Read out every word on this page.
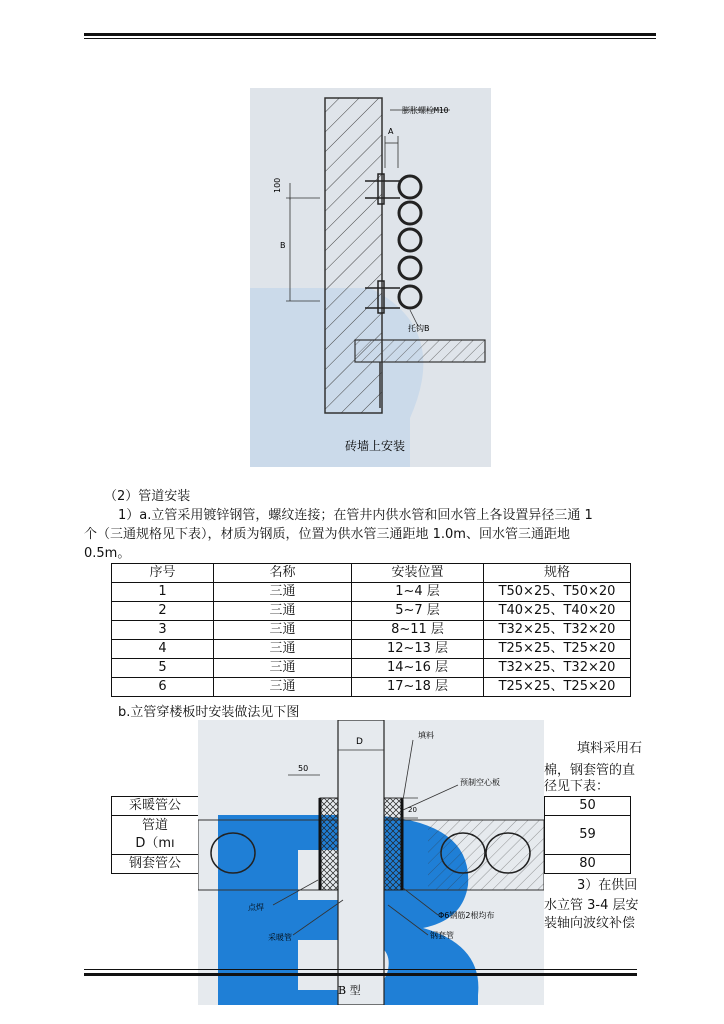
膨胀螺栓M10
A
100
B
托钩B
砖墙上安装
（2）管道安装
1）a.立管采用镀锌钢管，螺纹连接；在管井内供水管和回水管上各设置异径三通 1
个（三通规格见下表），材质为钢质，位置为供水管三通距地 1.0m、回水管三通距地
0.5m。
序号	名称	安装位置	规格
1	三通	1~4 层	T50×25、T50×20
2	三通	5~7 层	T40×25、T40×20
3	三通	8~11 层	T32×25、T32×20
4	三通	12~13 层	T25×25、T25×20
5	三通	14~16 层	T32×25、T32×20
6	三通	17~18 层	T25×25、T25×20
b.立管穿楼板时安装做法见下图
填料采用石
棉，钢套管的直
径见下表：
采暖管公		50

管道
D（mı		59
钢套管公		80
3）在供回
水立管 3-4 层安
装轴向波纹补偿
D
50
填料
预制空心板
20
点焊
采暖管
Φ6钢筋2根均布
钢套管
B 型
